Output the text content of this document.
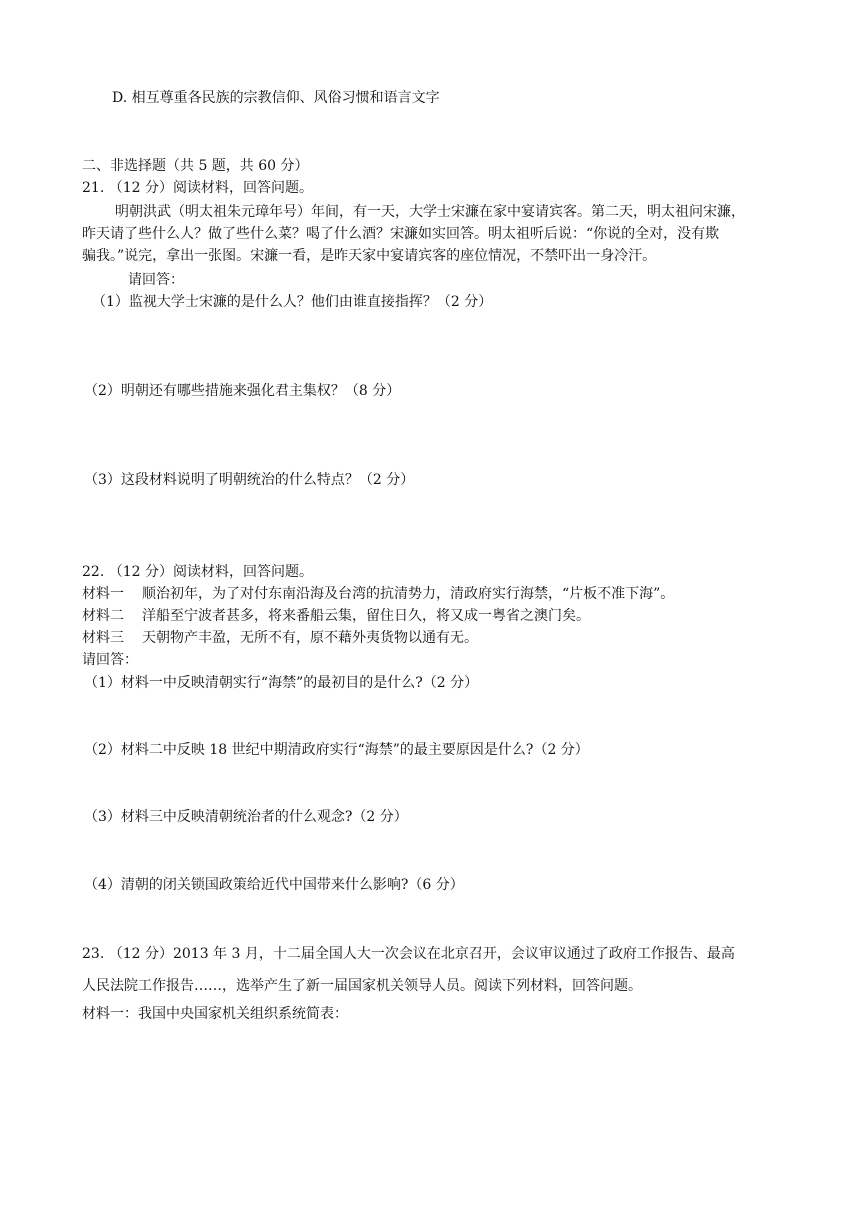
D. 相互尊重各民族的宗教信仰、风俗习惯和语言文字
二、非选择题（共 5 题，共 60 分）
21. （12 分）阅读材料，回答问题。
明朝洪武（明太祖朱元璋年号）年间，有一天，大学士宋濂在家中宴请宾客。第二天，明太祖问宋濂，
昨天请了些什么人？做了些什么菜？喝了什么酒？宋濂如实回答。明太祖听后说：“你说的全对，没有欺
骗我。”说完，拿出一张图。宋濂一看，是昨天家中宴请宾客的座位情况，不禁吓出一身冷汗。
请回答：
（1）监视大学士宋濂的是什么人？他们由谁直接指挥？（2 分）
（2）明朝还有哪些措施来强化君主集权？（8 分）
（3）这段材料说明了明朝统治的什么特点？（2 分）
22. （12 分）阅读材料，回答问题。
材料一 顺治初年，为了对付东南沿海及台湾的抗清势力，清政府实行海禁，“片板不准下海”。
材料二 洋船至宁波者甚多，将来番船云集，留住日久，将又成一粤省之澳门矣。
材料三 天朝物产丰盈，无所不有，原不藉外夷货物以通有无。
请回答：
（1）材料一中反映清朝实行“海禁”的最初目的是什么?（2 分）
（2）材料二中反映 18 世纪中期清政府实行“海禁”的最主要原因是什么?（2 分）
（3）材料三中反映清朝统治者的什么观念?（2 分）
（4）清朝的闭关锁国政策给近代中国带来什么影响?（6 分）
23. （12 分）2013 年 3 月，十二届全国人大一次会议在北京召开，会议审议通过了政府工作报告、最高
人民法院工作报告……，选举产生了新一届国家机关领导人员。阅读下列材料，回答问题。
材料一：我国中央国家机关组织系统简表：
